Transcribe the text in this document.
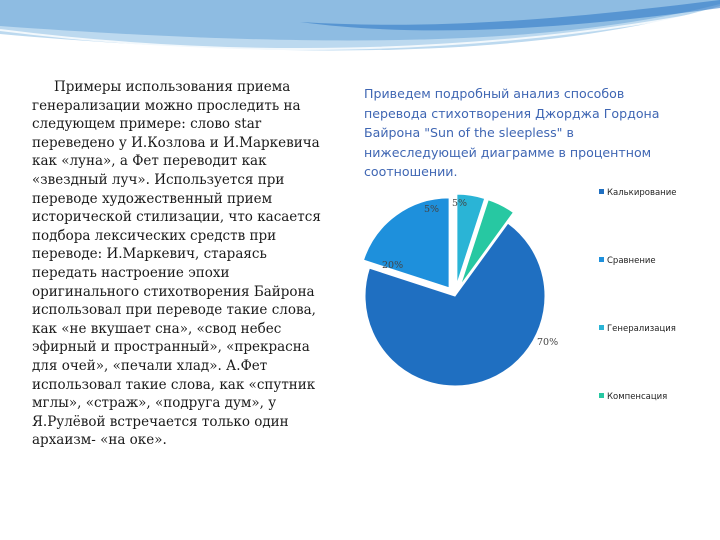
Примеры использования приема генерализации можно проследить на следующем примере: слово star переведено у И.Козлова и И.Маркевича как «луна», а Фет переводит как «звездный луч». Используется при переводе художественный прием исторической стилизации, что касается подбора лексических средств при переводе: И.Маркевич, стараясь передать настроение эпохи оригинального стихотворения Байрона использовал при переводе такие слова, как «не вкушает сна», «свод небес эфирный и пространный», «прекрасна для очей», «печали хлад». А.Фет использовал такие слова, как «спутник мглы», «страж», «подруга дум», у Я.Рулёвой встречается только один архаизм- «на оке».

Приведем подробный анализ способов перевода стихотворения Джорджа Гордона Байрона "Sun of the sleepless" в нижеследующей диаграмме в процентном соотношении.
70%
20%
5%
5%
Калькирование
Сравнение
Генерализация
Компенсация
